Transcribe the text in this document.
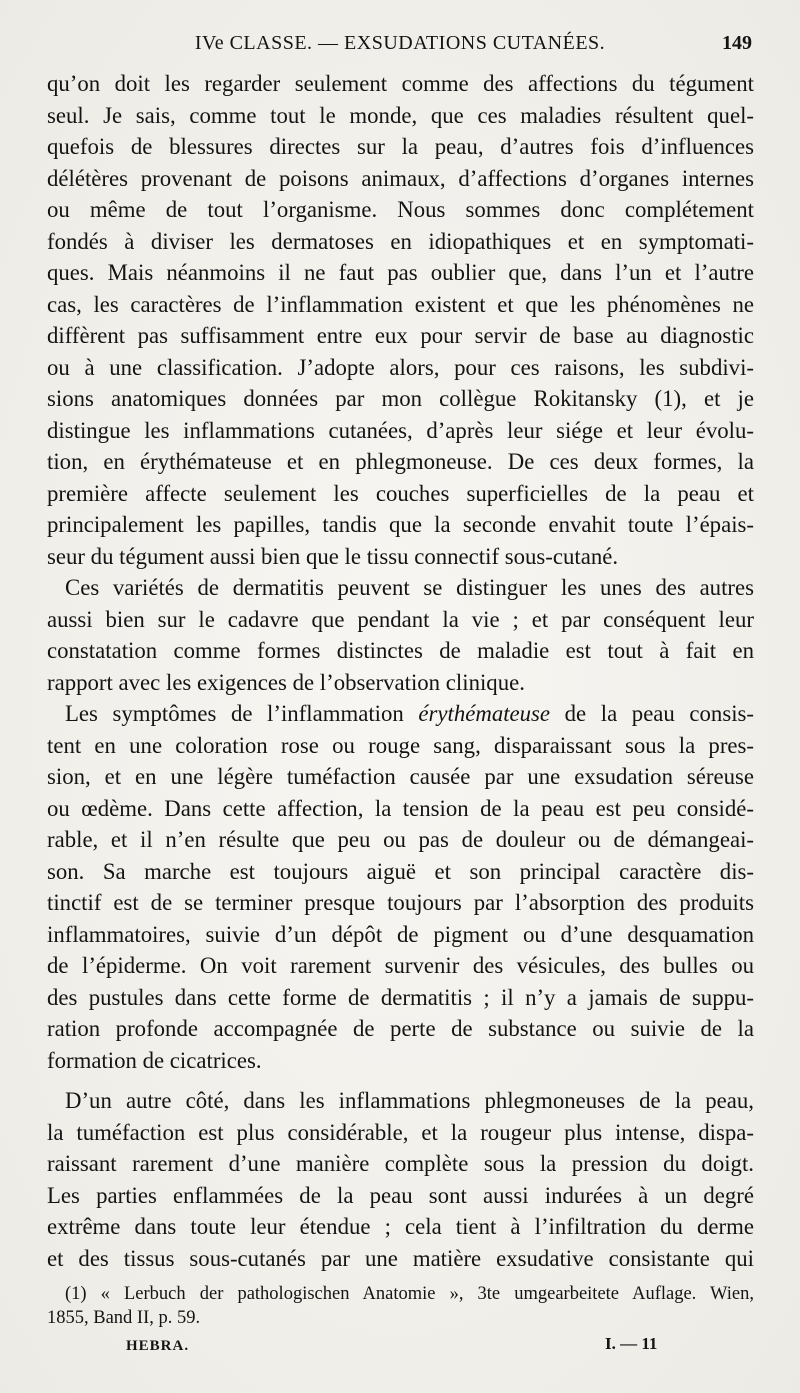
IVe CLASSE. — EXSUDATIONS CUTANÉES.	149
qu’on doit les regarder seulement comme des affections du tégument
seul. Je sais, comme tout le monde, que ces maladies résultent quel-
quefois de blessures directes sur la peau, d’autres fois d’influences
délétères provenant de poisons animaux, d’affections d’organes internes
ou même de tout l’organisme. Nous sommes donc complétement
fondés à diviser les dermatoses en idiopathiques et en symptomati-
ques. Mais néanmoins il ne faut pas oublier que, dans l’un et l’autre
cas, les caractères de l’inflammation existent et que les phénomènes ne
diffèrent pas suffisamment entre eux pour servir de base au diagnostic
ou à une classification. J’adopte alors, pour ces raisons, les subdivi-
sions anatomiques données par mon collègue Rokitansky (1), et je
distingue les inflammations cutanées, d’après leur siége et leur évolu-
tion, en érythémateuse et en phlegmoneuse. De ces deux formes, la
première affecte seulement les couches superficielles de la peau et
principalement les papilles, tandis que la seconde envahit toute l’épais-
seur du tégument aussi bien que le tissu connectif sous-cutané.
Ces variétés de dermatitis peuvent se distinguer les unes des autres
aussi bien sur le cadavre que pendant la vie ; et par conséquent leur
constatation comme formes distinctes de maladie est tout à fait en
rapport avec les exigences de l’observation clinique.
Les symptômes de l’inflammation érythémateuse de la peau consis-
tent en une coloration rose ou rouge sang, disparaissant sous la pres-
sion, et en une légère tuméfaction causée par une exsudation séreuse
ou œdème. Dans cette affection, la tension de la peau est peu considé-
rable, et il n’en résulte que peu ou pas de douleur ou de démangeai-
son. Sa marche est toujours aiguë et son principal caractère dis-
tinctif est de se terminer presque toujours par l’absorption des produits
inflammatoires, suivie d’un dépôt de pigment ou d’une desquamation
de l’épiderme. On voit rarement survenir des vésicules, des bulles ou
des pustules dans cette forme de dermatitis ; il n’y a jamais de suppu-
ration profonde accompagnée de perte de substance ou suivie de la
formation de cicatrices.
D’un autre côté, dans les inflammations phlegmoneuses de la peau,
la tuméfaction est plus considérable, et la rougeur plus intense, dispa-
raissant rarement d’une manière complète sous la pression du doigt.
Les parties enflammées de la peau sont aussi indurées à un degré
extrême dans toute leur étendue ; cela tient à l’infiltration du derme
et des tissus sous-cutanés par une matière exsudative consistante qui
(1) « Lerbuch der pathologischen Anatomie », 3te umgearbeitete Auflage. Wien,
1855, Band II, p. 59.
HEBRA.	I. — 11
